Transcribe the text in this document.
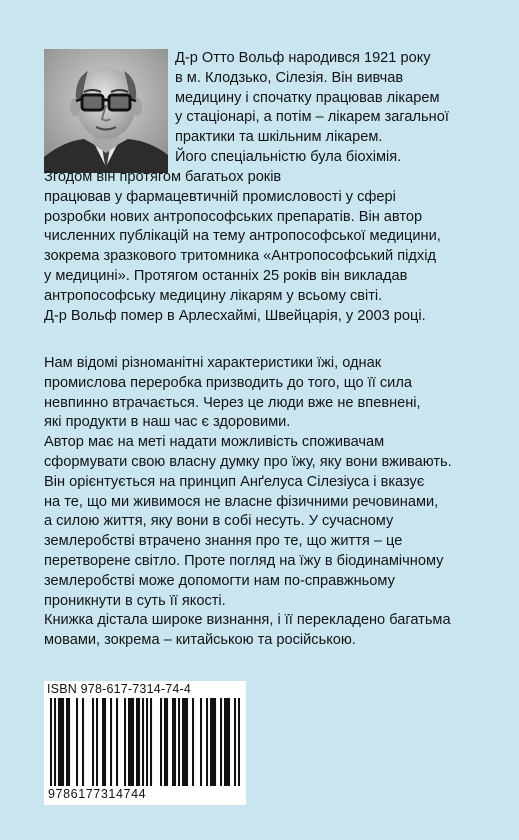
Д-р Отто Вольф народився 1921 року
в м. Клодзько, Сілезія. Він вивчав
медицину і спочатку працював лікарем
у стаціонарі, а потім – лікарем загальної
практики та шкільним лікарем.
Його спеціальністю була біохімія.
Згодом він протягом багатьох років
працював у фармацевтичній промисловості у сфері
розробки нових антропософських препаратів. Він автор
численних публікацій на тему антропософської медицини,
зокрема зразкового тритомника «Антропософський підхід
у медицині». Протягом останніх 25 років він викладав
антропософську медицину лікарям у всьому світі.
Д-р Вольф помер в Арлесхаймі, Швейцарія, у 2003 році.
Нам відомі різноманітні характеристики їжі, однак
промислова переробка призводить до того, що її сила
невпинно втрачається. Через це люди вже не впевнені,
які продукти в наш час є здоровими.
Автор має на меті надати можливість споживачам
сформувати свою власну думку про їжу, яку вони вживають.
Він орієнтується на принцип Анґелуса Сілезіуса і вказує
на те, що ми живимося не власне фізичними речовинами,
а силою життя, яку вони в собі несуть. У сучасному
землеробстві втрачено знання про те, що життя – це
перетворене світло. Проте погляд на їжу в біодинамічному
землеробстві може допомогти нам по-справжньому
проникнути в суть її якості.
Книжка дістала широке визнання, і її перекладено багатьма
мовами, зокрема – китайською та російською.
ISBN 978-617-7314-74-4
9786177314744
